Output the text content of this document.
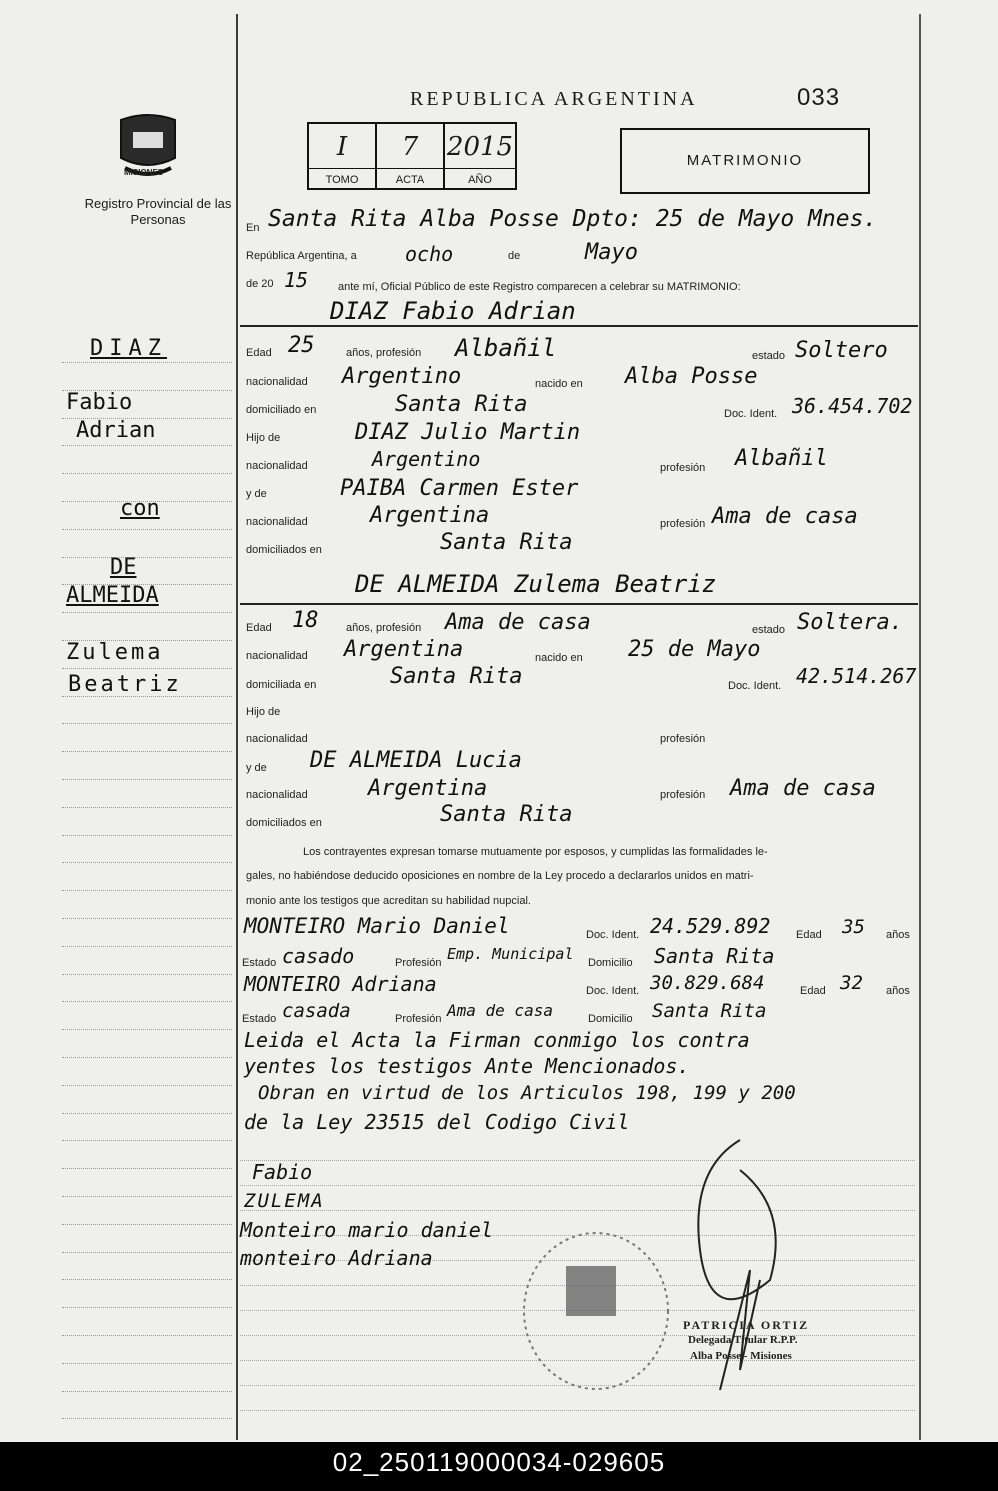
MISIONES
Registro Provincial de las Personas
REPUBLICA ARGENTINA	033
I
TOMO
7
ACTA
2015
AÑO
MATRIMONIO
DIAZ
Fabio
Adrian
con
DE
ALMEIDA
Zulema
Beatriz
En Santa Rita Alba Posse Dpto: 25 de Mayo Mnes.
República Argentina, a ocho	de	Mayo
de 20 15	ante mí, Oficial Público de este Registro comparecen a celebrar su MATRIMONIO:
DIAZ Fabio Adrian
Edad 25	años, profesión Albañil	estado Soltero
nacionalidad Argentino	nacido en Alba Posse
domiciliado en	Santa Rita	Doc. Ident. 36.454.702
Hijo de	DIAZ Julio Martin
nacionalidad	Argentino	profesión Albañil
y de	PAIBA Carmen Ester
nacionalidad	Argentina	profesión Ama de casa
domiciliados en	Santa Rita
DE ALMEIDA Zulema Beatriz
Edad 18	años, profesión Ama de casa	estado Soltera.
nacionalidad Argentina	nacido en 25 de Mayo
domiciliada en	Santa Rita	Doc. Ident. 42.514.267
Hijo de
nacionalidad	profesión
y de DE ALMEIDA Lucia
nacionalidad	Argentina	profesión Ama de casa
domiciliados en	Santa Rita
Los contrayentes expresan tomarse mutuamente por esposos, y cumplidas las formalidades le-
gales, no habiéndose deducido oposiciones en nombre de la Ley procedo a declararlos unidos en matri-
monio ante los testigos que acreditan su habilidad nupcial.
MONTEIRO Mario Daniel	Doc. Ident. 24.529.892 Edad 35 años
Estado casado	Profesión Emp. Municipal Domicilio Santa Rita
MONTEIRO Adriana	Doc. Ident. 30.829.684	Edad 32 años
Estado casada	Profesión Ama de casa	Domicilio Santa Rita
Leida el Acta la Firman conmigo los contra
yentes los testigos Ante Mencionados.
Obran en virtud de los Articulos 198, 199 y 200
de la Ley 23515 del Codigo Civil
Fabio
ZULEMA
Monteiro mario daniel
monteiro Adriana
PATRICIA ORTIZ
Delegada Titular R.P.P.
Alba Posse - Misiones
02_250119000034-029605
